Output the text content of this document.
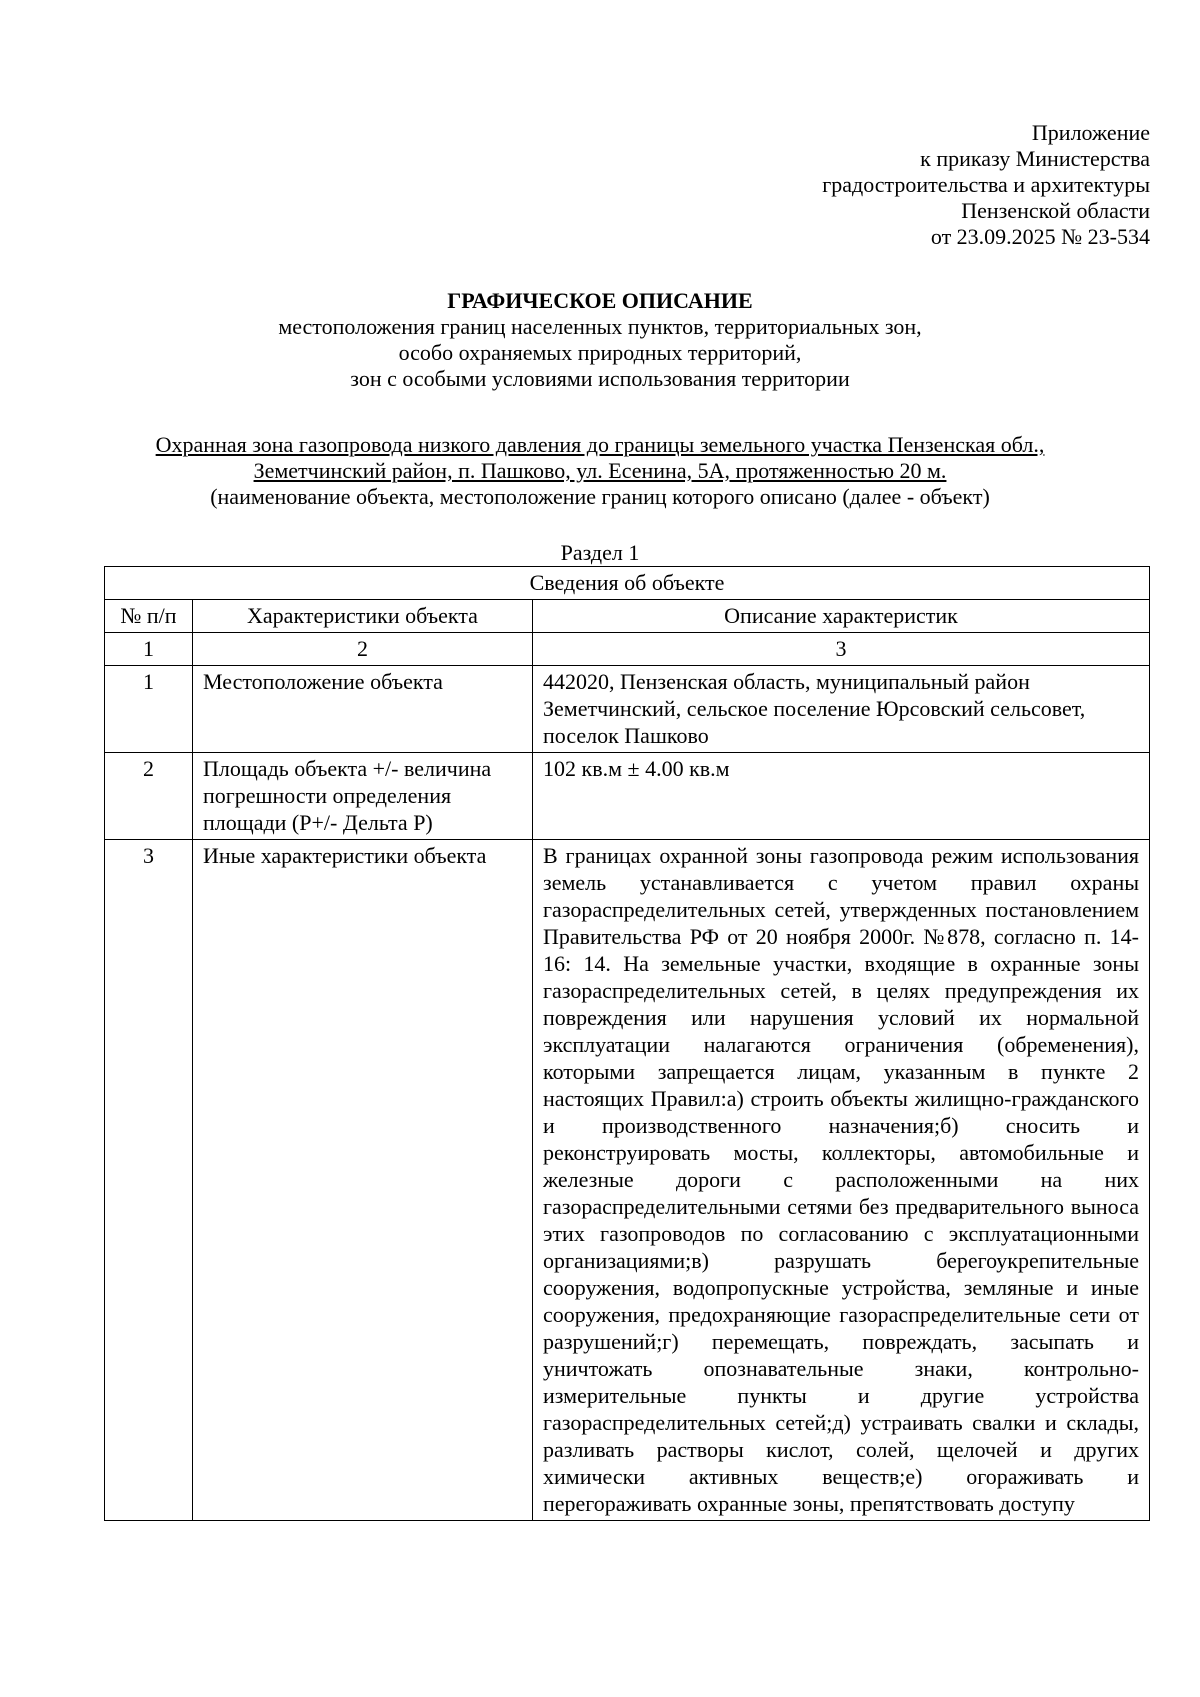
Приложение
к приказу Министерства
градостроительства и архитектуры
Пензенской области
от 23.09.2025 № 23-534
ГРАФИЧЕСКОЕ ОПИСАНИЕ
местоположения границ населенных пунктов, территориальных зон,
особо охраняемых природных территорий,
зон с особыми условиями использования территории
Охранная зона газопровода низкого давления до границы земельного участка Пензенская обл.,
Земетчинский район, п. Пашково, ул. Есенина, 5А, протяженностью 20 м.
(наименование объекта, местоположение границ которого описано (далее - объект)
Раздел 1
Сведения об объекте		
№ п/п	Характеристики объекта	Описание характеристик
1	2	3
1	Местоположение объекта	442020, Пензенская область, муниципальный район Земетчинский, сельское поселение Юрсовский сельсовет, поселок Пашково
2	Площадь объекта +/- величина погрешности определения площади (Р+/- Дельта Р)	102 кв.м ± 4.00 кв.м
3	Иные характеристики объекта	В границах охранной зоны газопровода режим использования земель устанавливается с учетом правил охраны газораспределительных сетей, утвержденных постановлением Правительства РФ от 20 ноября 2000г. №878, согласно п. 14-16: 14. На земельные участки, входящие в охранные зоны газораспределительных сетей, в целях предупреждения их повреждения или нарушения условий их нормальной эксплуатации налагаются ограничения (обременения), которыми запрещается лицам, указанным в пункте 2 настоящих Правил:а) строить объекты жилищно-гражданского и производственного назначения;б) сносить и реконструировать мосты, коллекторы, автомобильные и железные дороги с расположенными на них газораспределительными сетями без предварительного выноса этих газопроводов по согласованию с эксплуатационными организациями;в) разрушать берегоукрепительные сооружения, водопропускные устройства, земляные и иные сооружения, предохраняющие газораспределительные сети от разрушений;г) перемещать, повреждать, засыпать и уничтожать опознавательные знаки, контрольно-измерительные пункты и другие устройства газораспределительных сетей;д) устраивать свалки и склады, разливать растворы кислот, солей, щелочей и других химически активных веществ;е) огораживать и перегораживать охранные зоны, препятствовать доступу
